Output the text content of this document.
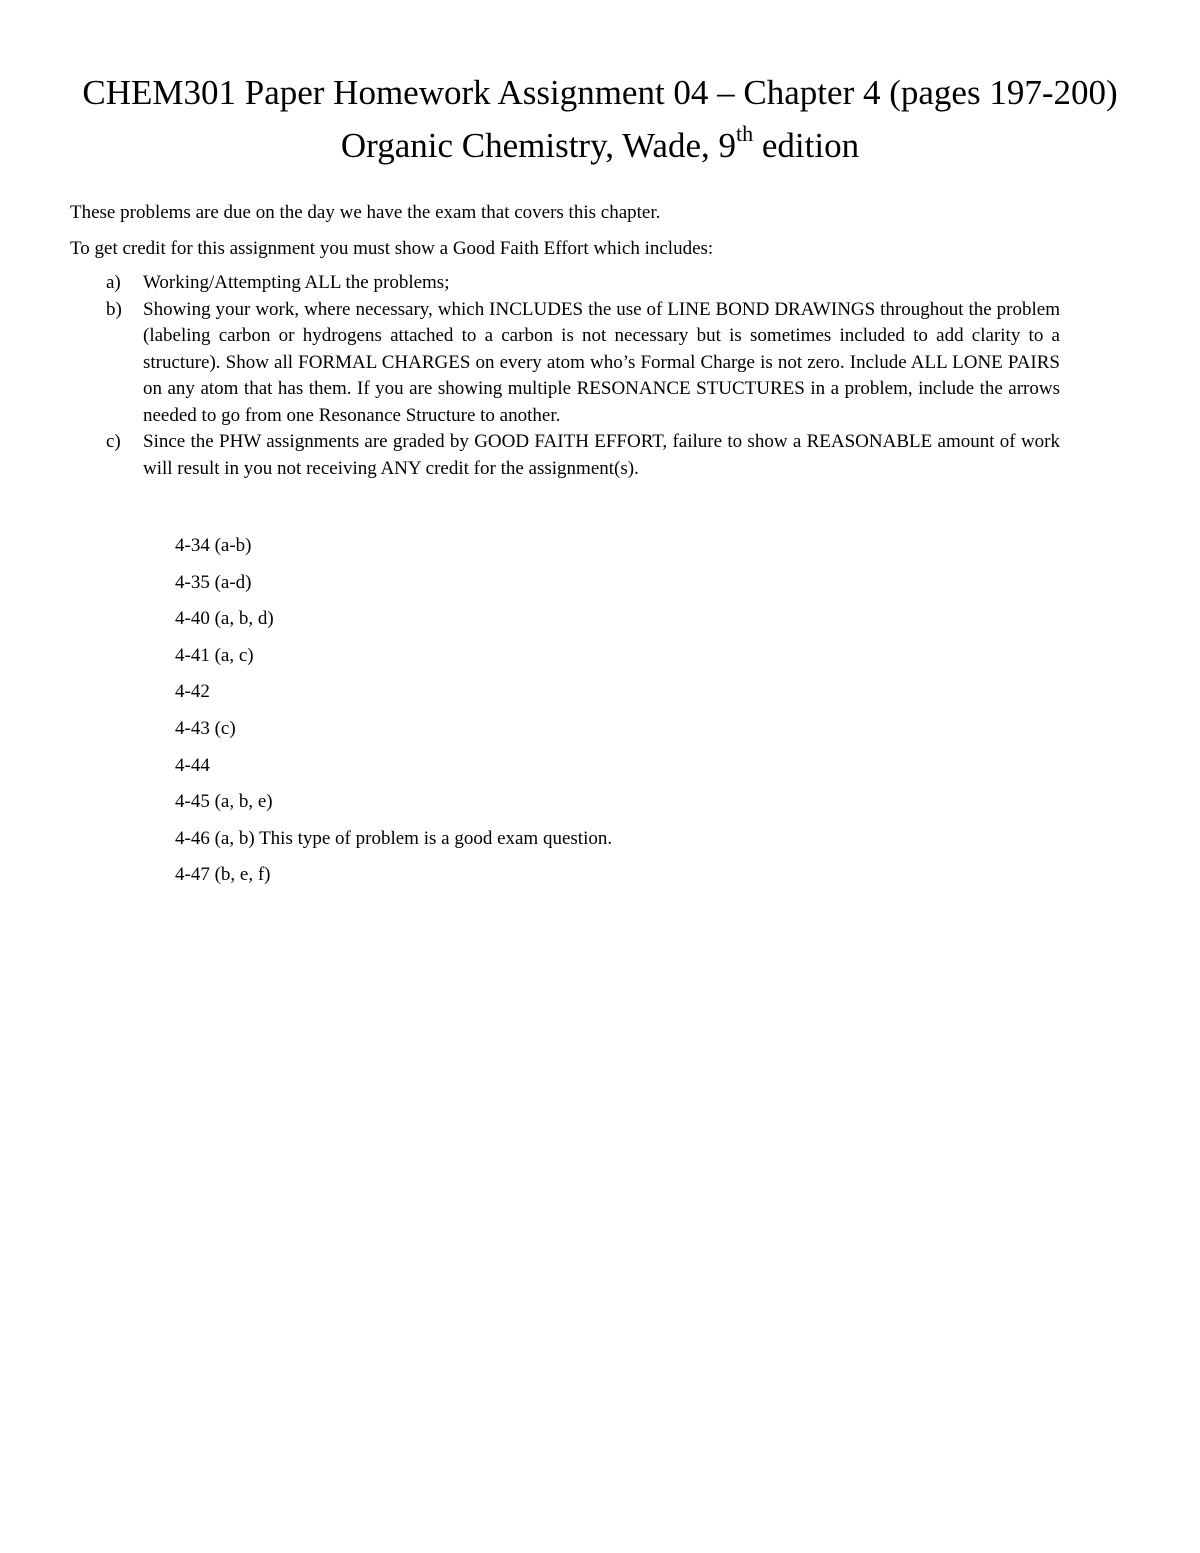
CHEM301 Paper Homework Assignment 04 – Chapter 4 (pages 197-200)
Organic Chemistry, Wade, 9th edition
These problems are due on the day we have the exam that covers this chapter.
To get credit for this assignment you must show a Good Faith Effort which includes:
a) Working/Attempting ALL the problems;
b) Showing your work, where necessary, which INCLUDES the use of LINE BOND DRAWINGS throughout the problem (labeling carbon or hydrogens attached to a carbon is not necessary but is sometimes included to add clarity to a structure). Show all FORMAL CHARGES on every atom who’s Formal Charge is not zero. Include ALL LONE PAIRS on any atom that has them. If you are showing multiple RESONANCE STUCTURES in a problem, include the arrows needed to go from one Resonance Structure to another.
c) Since the PHW assignments are graded by GOOD FAITH EFFORT, failure to show a REASONABLE amount of work will result in you not receiving ANY credit for the assignment(s).
4-34 (a-b)
4-35 (a-d)
4-40 (a, b, d)
4-41 (a, c)
4-42
4-43 (c)
4-44
4-45 (a, b, e)
4-46 (a, b) This type of problem is a good exam question.
4-47 (b, e, f)
